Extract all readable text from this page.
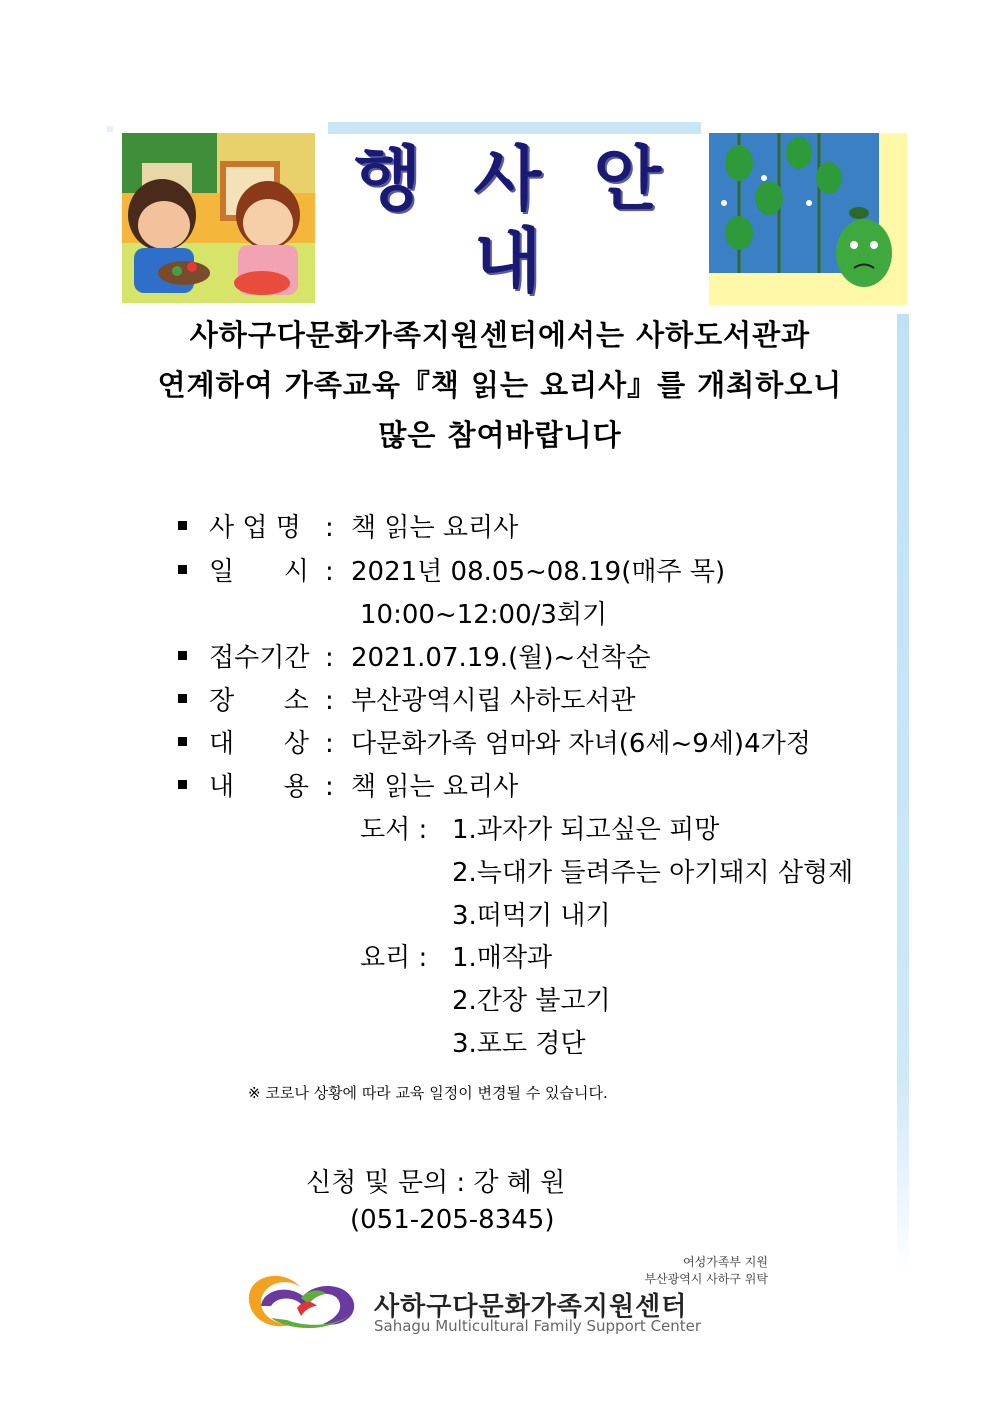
행 사 안 내
사하구다문화가족지원센터에서는 사하도서관과
연계하여 가족교육『책 읽는 요리사』를 개최하오니
많은 참여바랍니다
사 업 명 : 책 읽는 요리사
일      시 : 2021년 08.05~08.19(매주 목)
10:00~12:00/3회기
접수기간 : 2021.07.19.(월)~선착순
장      소 : 부산광역시립 사하도서관
대      상 : 다문화가족 엄마와 자녀(6세~9세)4가정
내      용 : 책 읽는 요리사
도서 : 1.과자가 되고싶은 피망
2.늑대가 들려주는 아기돼지 삼형제
3.떠먹기 내기
요리 : 1.매작과
2.간장 불고기
3.포도 경단
※ 코로나 상황에 따라 교육 일정이 변경될 수 있습니다.
신청 및 문의 : 강 혜 원
(051-205-8345)
여성가족부 지원
부산광역시 사하구 위탁
사하구다문화가족지원센터
Sahagu Multicultural Family Support Center
